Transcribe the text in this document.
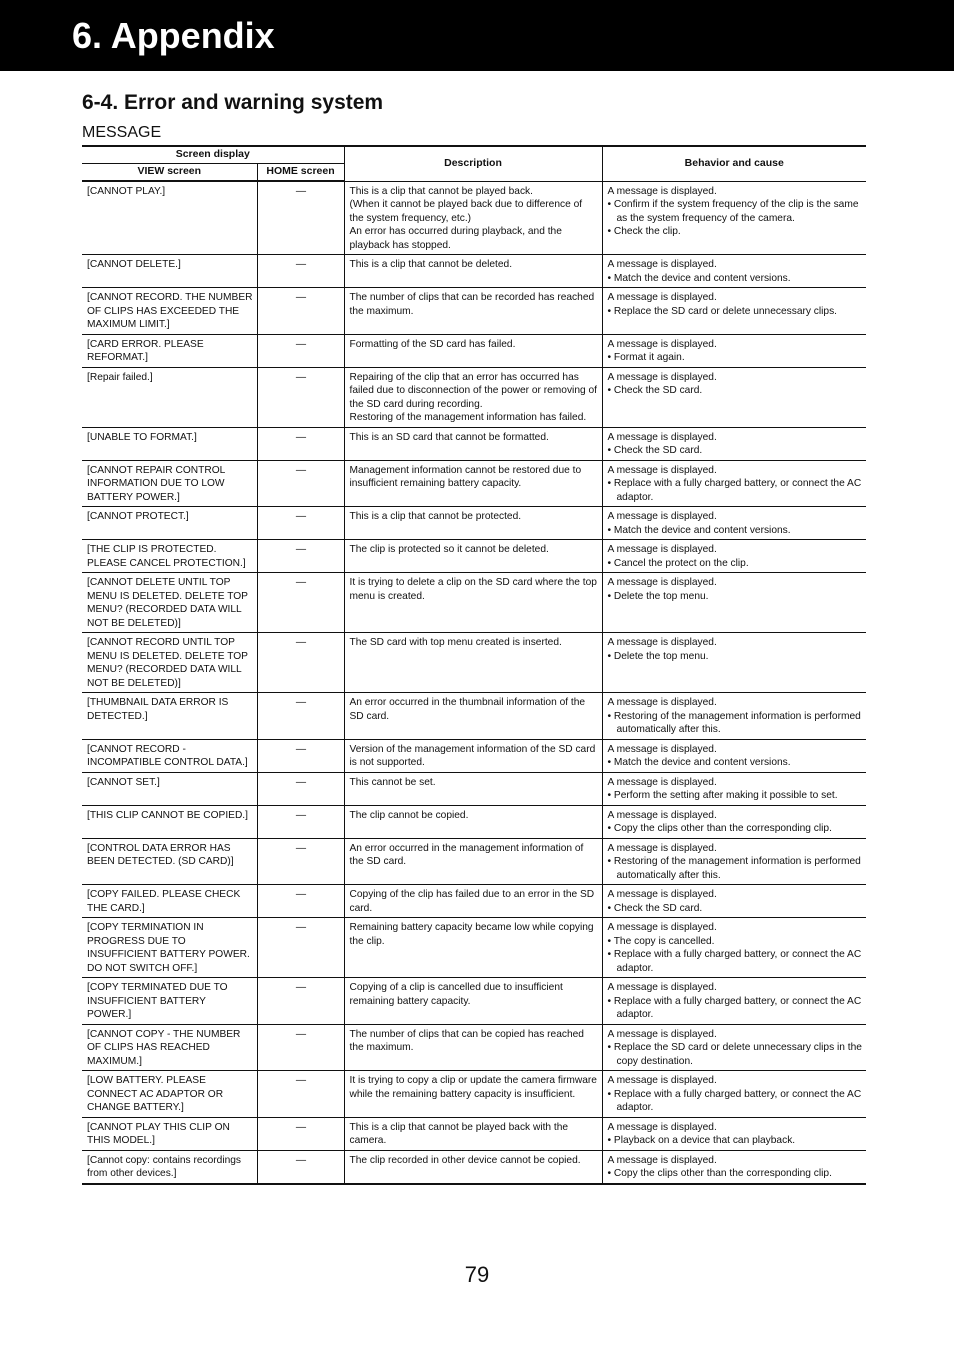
6. Appendix
6-4. Error and warning system
MESSAGE
Screen display		Description	Behavior and cause
VIEW screen	HOME screen		
[CANNOT PLAY.]	—	This is a clip that cannot be played back.
(When it cannot be played back due to difference of the system frequency, etc.)
An error has occurred during playback, and the playback has stopped.	A message is displayed.
• Confirm if the system frequency of the clip is the same as the system frequency of the camera.
• Check the clip.

[CANNOT DELETE.]	—	This is a clip that cannot be deleted.	A message is displayed.
• Match the device and content versions.

[CANNOT RECORD. THE NUMBER OF CLIPS HAS EXCEEDED THE MAXIMUM LIMIT.]	—	The number of clips that can be recorded has reached the maximum.	A message is displayed.
• Replace the SD card or delete unnecessary clips.

[CARD ERROR. PLEASE REFORMAT.]	—	Formatting of the SD card has failed.	A message is displayed.
• Format it again.

[Repair failed.]	—	Repairing of the clip that an error has occurred has failed due to disconnection of the power or removing of the SD card during recording.
Restoring of the management information has failed.	A message is displayed.
• Check the SD card.

[UNABLE TO FORMAT.]	—	This is an SD card that cannot be formatted.	A message is displayed.
• Check the SD card.

[CANNOT REPAIR CONTROL INFORMATION DUE TO LOW BATTERY POWER.]	—	Management information cannot be restored due to insufficient remaining battery capacity.	A message is displayed.
• Replace with a fully charged battery, or connect the AC adaptor.

[CANNOT PROTECT.]	—	This is a clip that cannot be protected.	A message is displayed.
• Match the device and content versions.

[THE CLIP IS PROTECTED. PLEASE CANCEL PROTECTION.]	—	The clip is protected so it cannot be deleted.	A message is displayed.
• Cancel the protect on the clip.

[CANNOT DELETE UNTIL TOP MENU IS DELETED. DELETE TOP MENU? (RECORDED DATA WILL NOT BE DELETED)]	—	It is trying to delete a clip on the SD card where the top menu is created.	A message is displayed.
• Delete the top menu.

[CANNOT RECORD UNTIL TOP MENU IS DELETED. DELETE TOP MENU? (RECORDED DATA WILL NOT BE DELETED)]	—	The SD card with top menu created is inserted.	A message is displayed.
• Delete the top menu.

[THUMBNAIL DATA ERROR IS DETECTED.]	—	An error occurred in the thumbnail information of the SD card.	A message is displayed.
• Restoring of the management information is performed automatically after this.

[CANNOT RECORD - INCOMPATIBLE CONTROL DATA.]	—	Version of the management information of the SD card is not supported.	A message is displayed.
• Match the device and content versions.

[CANNOT SET.]	—	This cannot be set.	A message is displayed.
• Perform the setting after making it possible to set.

[THIS CLIP CANNOT BE COPIED.]	—	The clip cannot be copied.	A message is displayed.
• Copy the clips other than the corresponding clip.

[CONTROL DATA ERROR HAS BEEN DETECTED. (SD CARD)]	—	An error occurred in the management information of the SD card.	A message is displayed.
• Restoring of the management information is performed automatically after this.

[COPY FAILED. PLEASE CHECK THE CARD.]	—	Copying of the clip has failed due to an error in the SD card.	A message is displayed.
• Check the SD card.

[COPY TERMINATION IN PROGRESS DUE TO INSUFFICIENT BATTERY POWER. DO NOT SWITCH OFF.]	—	Remaining battery capacity became low while copying the clip.	A message is displayed.
• The copy is cancelled.
• Replace with a fully charged battery, or connect the AC adaptor.

[COPY TERMINATED DUE TO INSUFFICIENT BATTERY POWER.]	—	Copying of a clip is cancelled due to insufficient remaining battery capacity.	A message is displayed.
• Replace with a fully charged battery, or connect the AC adaptor.

[CANNOT COPY - THE NUMBER OF CLIPS HAS REACHED MAXIMUM.]	—	The number of clips that can be copied has reached the maximum.	A message is displayed.
• Replace the SD card or delete unnecessary clips in the copy destination.

[LOW BATTERY. PLEASE CONNECT AC ADAPTOR OR CHANGE BATTERY.]	—	It is trying to copy a clip or update the camera firmware while the remaining battery capacity is insufficient.	A message is displayed.
• Replace with a fully charged battery, or connect the AC adaptor.

[CANNOT PLAY THIS CLIP ON THIS MODEL.]	—	This is a clip that cannot be played back with the camera.	A message is displayed.
• Playback on a device that can playback.

[Cannot copy: contains recordings from other devices.]	—	The clip recorded in other device cannot be copied.	A message is displayed.
• Copy the clips other than the corresponding clip.
79
